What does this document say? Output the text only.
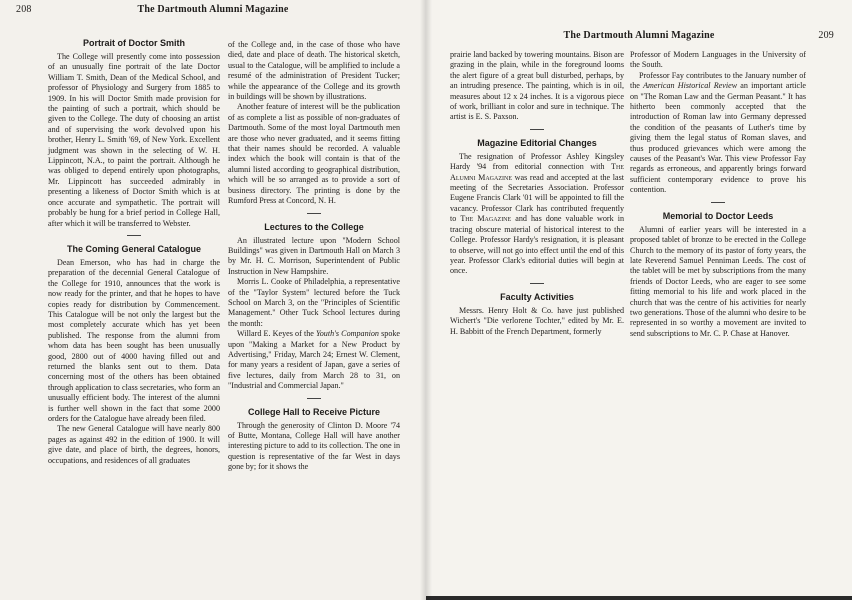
208	The Dartmouth Alumni Magazine
Portrait of Doctor Smith

The College will presently come into possession of an unusually fine portrait of the late Doctor William T. Smith, Dean of the Medical School, and professor of Physiology and Surgery from 1885 to 1909. In his will Doctor Smith made provision for the painting of such a portrait, which should be given to the College. The duty of choosing an artist and of supervising the work devolved upon his brother, Henry L. Smith '69, of New York. Excellent judgment was shown in the selecting of W. H. Lippincott, N.A., to paint the portrait. Although he was obliged to depend entirely upon photographs, Mr. Lippincott has succeeded admirably in presenting a likeness of Doctor Smith which is at once accurate and sympathetic. The portrait will probably be hung for a brief period in College Hall, after which it will be transferred to Webster.

The Coming General Catalogue

Dean Emerson, who has had in charge the preparation of the decennial General Catalogue of the College for 1910, announces that the work is now ready for the printer, and that he hopes to have copies ready for distribution by Commencement. This Catalogue will be not only the largest but the most completely accurate which has yet been published. The response from the alumni from whom data has been sought has been unusually good, 2800 out of 4000 having filled out and returned the blanks sent out to them. Data concerning most of the others has been obtained through application to class secretaries, who form an unusually efficient body. The interest of the alumni is further well shown in the fact that some 2000 orders for the Catalogue have already been filed.

The new General Catalogue will have nearly 800 pages as against 492 in the edition of 1900. It will give date, and place of birth, the degrees, honors, occupations, and residences of all graduates

of the College and, in the case of those who have died, date and place of death. The historical sketch, usual to the Catalogue, will be amplified to include a resumé of the administration of President Tucker; while the appearance of the College and its growth in buildings will be shown by illustrations.

Another feature of interest will be the publication of as complete a list as possible of non-graduates of Dartmouth. Some of the most loyal Dartmouth men are those who never graduated, and it seems fitting that their names should be recorded. A valuable index which the book will contain is that of the alumni listed according to geographical distribution, which will be so arranged as to provide a sort of business directory. The printing is done by the Rumford Press at Concord, N. H.

Lectures to the College

An illustrated lecture upon "Modern School Buildings" was given in Dartmouth Hall on March 3 by Mr. H. C. Morrison, Superintendent of Public Instruction in New Hampshire.

Morris L. Cooke of Philadelphia, a representative of the "Taylor System" lectured before the Tuck School on March 3, on the "Principles of Scientific Management." Other Tuck School lectures during the month:

Willard E. Keyes of the Youth's Companion spoke upon "Making a Market for a New Product by Advertising," Friday, March 24; Ernest W. Clement, for many years a resident of Japan, gave a series of five lectures, daily from March 28 to 31, on "Industrial and Commercial Japan."

College Hall to Receive Picture

Through the generosity of Clinton D. Moore '74 of Butte, Montana, College Hall will have another interesting picture to add to its collection. The one in question is representative of the far West in days gone by; for it shows the

The Dartmouth Alumni Magazine	209

prairie land backed by towering mountains. Bison are grazing in the plain, while in the foreground looms the alert figure of a great bull disturbed, perhaps, by an intruding presence. The painting, which is in oil, measures about 12 x 24 inches. It is a vigorous piece of work, brilliant in color and sure in technique. The artist is E. S. Paxson.

Magazine Editorial Changes

The resignation of Professor Ashley Kingsley Hardy '94 from editorial connection with The Alumni Magazine was read and accepted at the last meeting of the Secretaries Association. Professor Eugene Francis Clark '01 will be appointed to fill the vacancy. Professor Clark has contributed frequently to The Magazine and has done valuable work in tracing obscure material of historical interest to the College. Professor Hardy's resignation, it is pleasant to observe, will not go into effect until the end of this year. Professor Clark's editorial duties will begin at once.

Faculty Activities

Messrs. Henry Holt & Co. have just published Wichert's "Die verlorene Tochter," edited by Mr. E. H. Babbitt of the French Department, formerly

Professor of Modern Languages in the University of the South.

Professor Fay contributes to the January number of the American Historical Review an important article on "The Roman Law and the German Peasant." It has hitherto been commonly accepted that the introduction of Roman law into Germany depressed the condition of the peasants of Luther's time by giving them the legal status of Roman slaves, and thus produced grievances which were among the causes of the Peasant's War. This view Professor Fay regards as erroneous, and apparently brings forward sufficient contemporary evidence to prove his contention.

Memorial to Doctor Leeds

Alumni of earlier years will be interested in a proposed tablet of bronze to be erected in the College Church to the memory of its pastor of forty years, the late Reverend Samuel Penniman Leeds. The cost of the tablet will be met by subscriptions from the many friends of Doctor Leeds, who are eager to see some fitting memorial to his life and work placed in the church that was the centre of his activities for nearly two generations. Those of the alumni who desire to be represented in so worthy a movement are invited to send subscriptions to Mr. C. P. Chase at Hanover.
